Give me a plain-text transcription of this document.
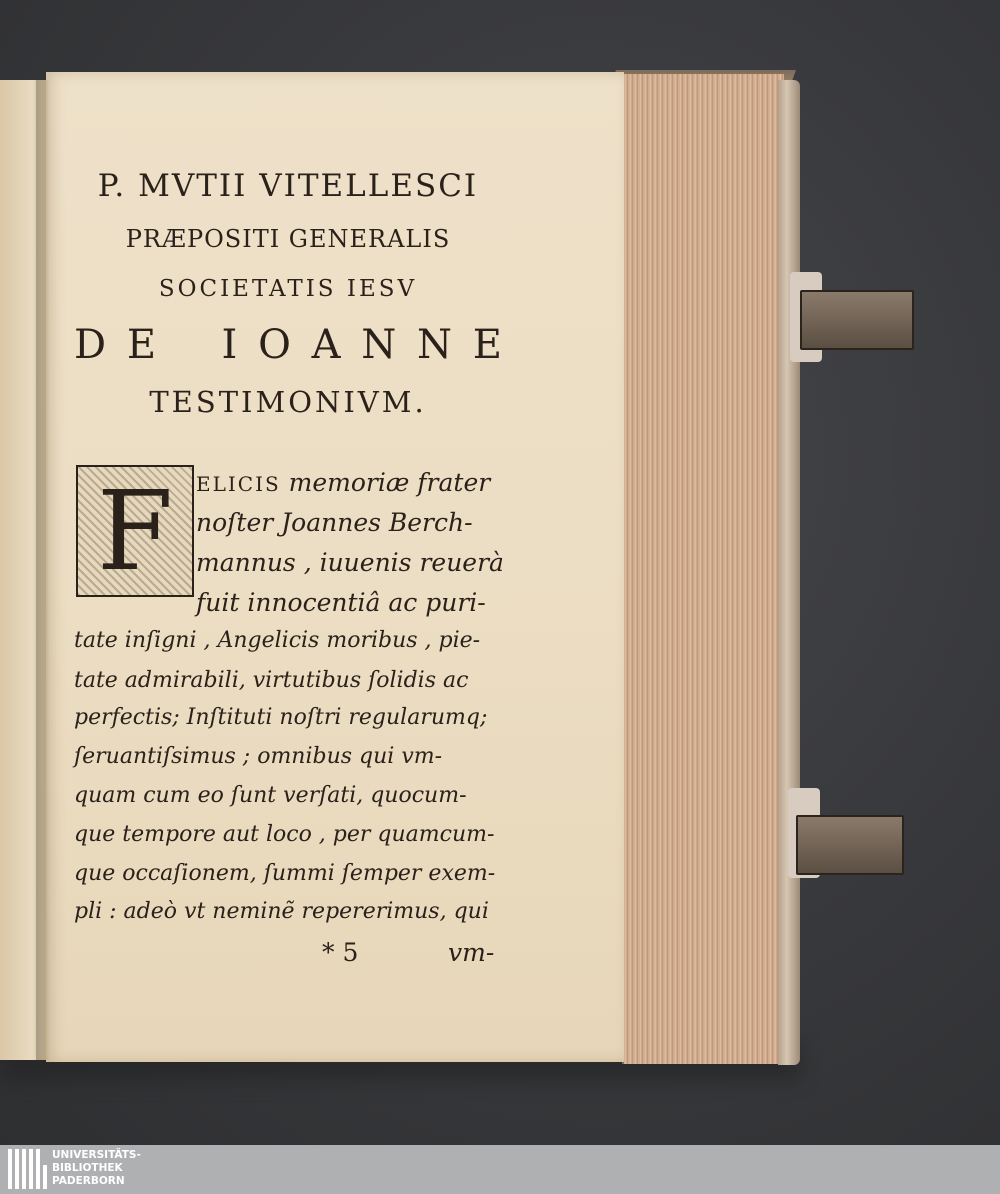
P. MVTII VITELLESCI
PRÆPOSITI GENERALIS
SOCIETATIS IESV
D E I O A N N E
TESTIMONIVM.
F	ELICIS memoriæ frater
noſter Joannes Berch-
mannus , iuuenis reuerà
fuit innocentiâ ac puri-
tate inſigni , Angelicis moribus , pie-
tate admirabili, virtutibus ſolidis ac
perfectis; Inſtituti noſtri regularumq;
ſeruantiſsimus ; omnibus qui vm-
quam cum eo ſunt verſati, quocum-
que tempore aut loco , per quamcum-
que occaſionem, ſummi ſemper exem-
pli : adeò vt neminẽ repererimus, qui
* 5	vm-
UNIVERSITÄTS-
BIBLIOTHEK
PADERBORN
